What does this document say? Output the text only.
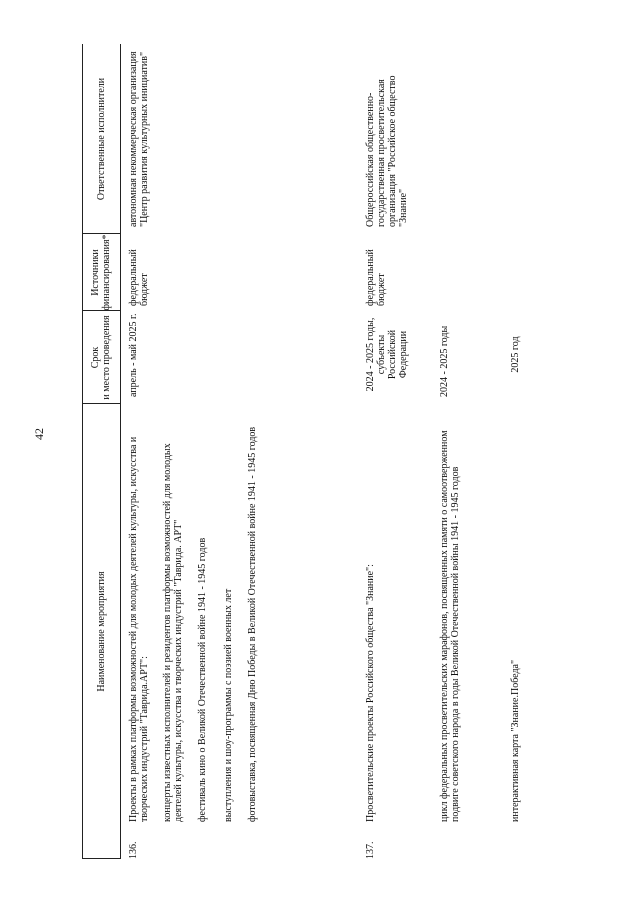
42
Наименование мероприятия
Срок
и место проведения
Источники
финансирования*
Ответственные исполнители
136.
Проекты в рамках платформы возможностей для молодых деятелей культуры, искусства и творческих индустрий "Таврида.АРТ": концерты известных исполнителей и резидентов платформы возможностей для молодых деятелей культуры, искусства и творческих индустрий "Таврида. АРТ" фестиваль кино о Великой Отечественной войне 1941 - 1945 годов выступления и шоу-программы с поэзией военных лет фотовыставка, посвященная Дню Победы в Великой Отечественной войне 1941 - 1945 годов
апрель - май 2025 г.
федеральный бюджет
автономная некоммерческая организация "Центр развития культурных инициатив"
137.
Просветительские проекты Российского общества "Знание":
2024 - 2025 годы, субъекты Российской Федерации
федеральный бюджет
Общероссийская общественно-государственная просветительская организация "Российское общество "Знание"
цикл федеральных просветительских марафонов, посвященных памяти о самоотверженном подвиге советского народа в годы Великой Отечественной войны 1941 - 1945 годов
2024 - 2025 годы
интерактивная карта "Знание.Победа"
2025 год
